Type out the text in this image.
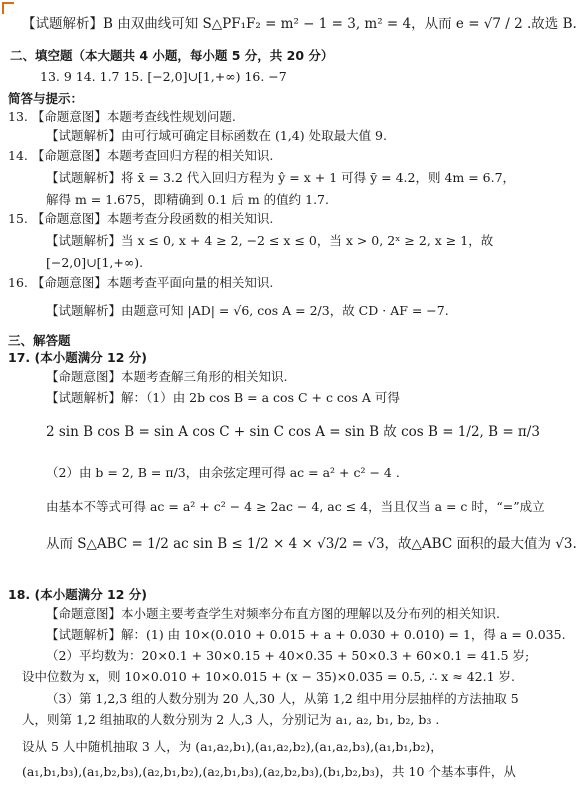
【试题解析】B 由双曲线可知 S△PF₁F₂ = m² − 1 = 3, m² = 4，从而 e = √7 / 2 .故选 B.
二、填空题（本大题共 4 小题，每小题 5 分，共 20 分）
13. 9 14. 1.7 15. [−2,0]∪[1,+∞) 16. −7
简答与提示：
13. 【命题意图】本题考查线性规划问题.
【试题解析】由可行域可确定目标函数在 (1,4) 处取最大值 9.
14. 【命题意图】本题考查回归方程的相关知识.
【试题解析】将 x̄ = 3.2 代入回归方程为 ŷ = x + 1 可得 ȳ = 4.2，则 4m = 6.7，
解得 m = 1.675，即精确到 0.1 后 m 的值约 1.7.
15. 【命题意图】本题考查分段函数的相关知识.
【试题解析】当 x ≤ 0, x + 4 ≥ 2, −2 ≤ x ≤ 0，当 x > 0, 2ˣ ≥ 2, x ≥ 1，故
[−2,0]∪[1,+∞).
16. 【命题意图】本题考查平面向量的相关知识.
【试题解析】由题意可知 |AD| = √6, cos A = 2/3，故 CD · AF = −7.
三、解答题
17. (本小题满分 12 分)
【命题意图】本题考查解三角形的相关知识.
【试题解析】解：（1）由 2b cos B = a cos C + c cos A 可得
2 sin B cos B = sin A cos C + sin C cos A = sin B 故 cos B = 1/2, B = π/3
（2）由 b = 2, B = π/3，由余弦定理可得 ac = a² + c² − 4 .
由基本不等式可得 ac = a² + c² − 4 ≥ 2ac − 4, ac ≤ 4，当且仅当 a = c 时，“=”成立
从而 S△ABC = 1/2 ac sin B ≤ 1/2 × 4 × √3/2 = √3，故△ABC 面积的最大值为 √3.
18. (本小题满分 12 分)
【命题意图】本小题主要考查学生对频率分布直方图的理解以及分布列的相关知识.
【试题解析】解：(1) 由 10×(0.010 + 0.015 + a + 0.030 + 0.010) = 1，得 a = 0.035.
（2）平均数为：20×0.1 + 30×0.15 + 40×0.35 + 50×0.3 + 60×0.1 = 41.5 岁;
设中位数为 x，则 10×0.010 + 10×0.015 + (x − 35)×0.035 = 0.5, ∴ x ≈ 42.1 岁.
（3）第 1,2,3 组的人数分别为 20 人,30 人，从第 1,2 组中用分层抽样的方法抽取 5
人，则第 1,2 组抽取的人数分别为 2 人,3 人，分别记为 a₁, a₂, b₁, b₂, b₃ .
设从 5 人中随机抽取 3 人，为 (a₁,a₂,b₁),(a₁,a₂,b₂),(a₁,a₂,b₃),(a₁,b₁,b₂)，
(a₁,b₁,b₃),(a₁,b₂,b₃),(a₂,b₁,b₂),(a₂,b₁,b₃),(a₂,b₂,b₃),(b₁,b₂,b₃)，共 10 个基本事件，从
